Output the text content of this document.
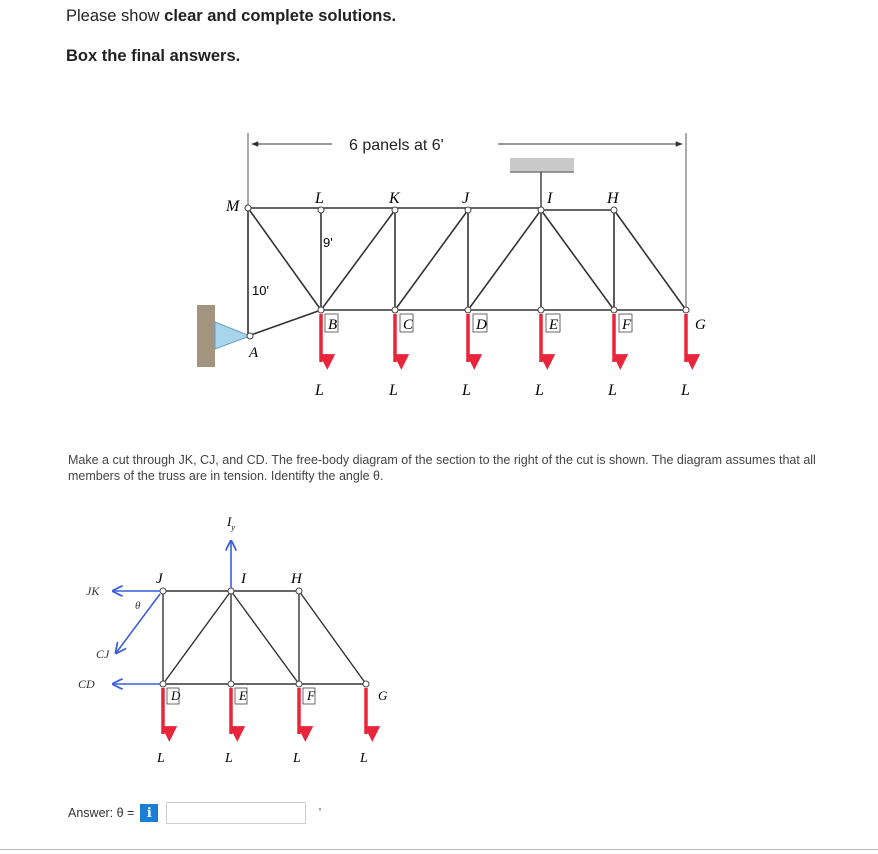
Please show clear and complete solutions.
Box the final answers.
6 panels at 6'
9'
10'
M	L	K	J	I	H
A
B	C	D	E	F	G
L	L	L	L	L	L
JK
CJ
CD
θ
$I_y$
J	I	H
D	E	F	G
L	L	L	L
Make a cut through JK, CJ, and CD. The free-body diagram of the section to the right of the cut is shown. The diagram assumes that all members of the truss are in tension. Identifty the angle θ.
Answer: θ = i	°
